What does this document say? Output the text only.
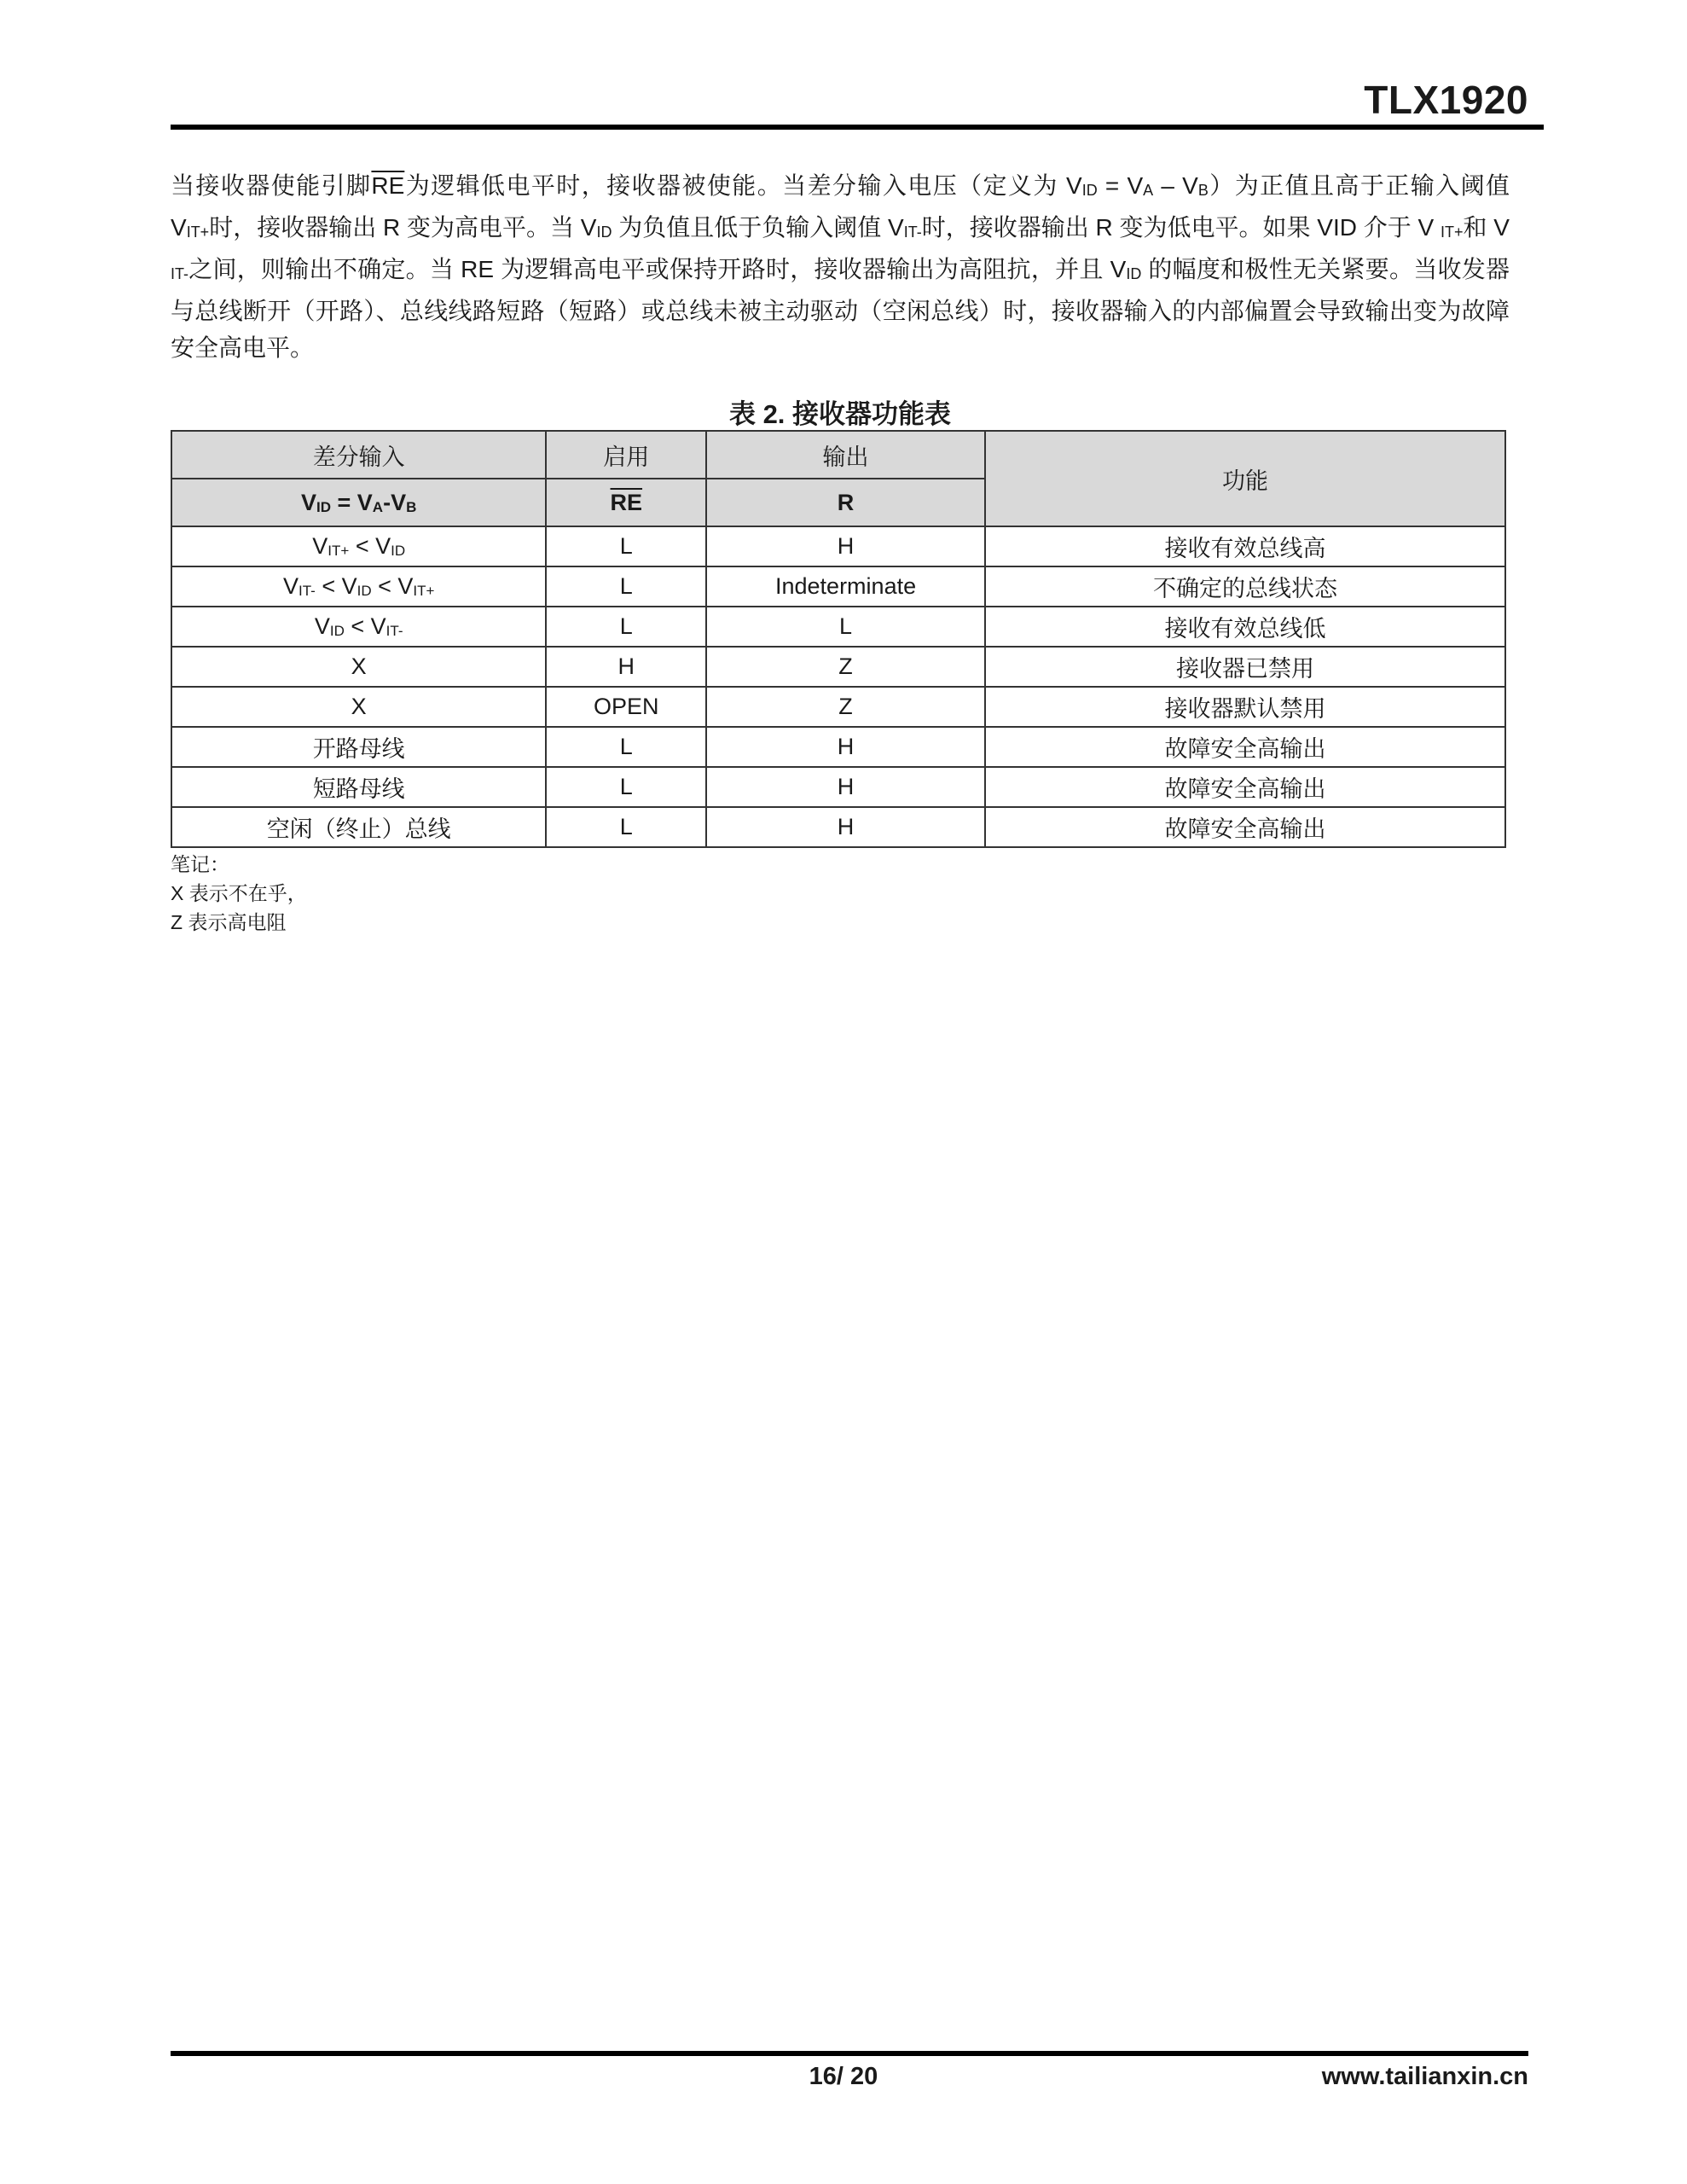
TLX1920
当接收器使能引脚$\overline{RE}$为逻辑低电平时，接收器被使能。当差分输入电压（定义为 $V_{ID} = V_A - V_B$）为正值且高于正输入阈值 $V_{IT+}$时，接收器输出 R 变为高电平。当 $V_{ID}$ 为负值且低于负输入阈值 $V_{IT-}$时，接收器输出 R 变为低电平。如果 VID 介于 V $_{IT+}$和 V $_{IT-}$之间，则输出不确定。当 RE 为逻辑高电平或保持开路时，接收器输出为高阻抗，并且 $V_{ID}$ 的幅度和极性无关紧要。当收发器与总线断开（开路）、总线线路短路（短路）或总线未被主动驱动（空闲总线）时，接收器输入的内部偏置会导致输出变为故障安全高电平。
表 2. 接收器功能表
差分输入	启用	输出	功能
$V_{ID} = V_A-V_B$	$\overline{RE}$	R	
$V_{IT+} < V_{ID}$	L	H	接收有效总线高
$V_{IT-} < V_{ID} < V_{IT+}$	L	Indeterminate	不确定的总线状态
$V_{ID} < V_{IT-}$	L	L	接收有效总线低
X	H	Z	接收器已禁用
X	OPEN	Z	接收器默认禁用
开路母线	L	H	故障安全高输出
短路母线	L	H	故障安全高输出
空闲（终止）总线	L	H	故障安全高输出
笔记：
X 表示不在乎，
Z 表示高电阻
16/ 20	www.tailianxin.cn
